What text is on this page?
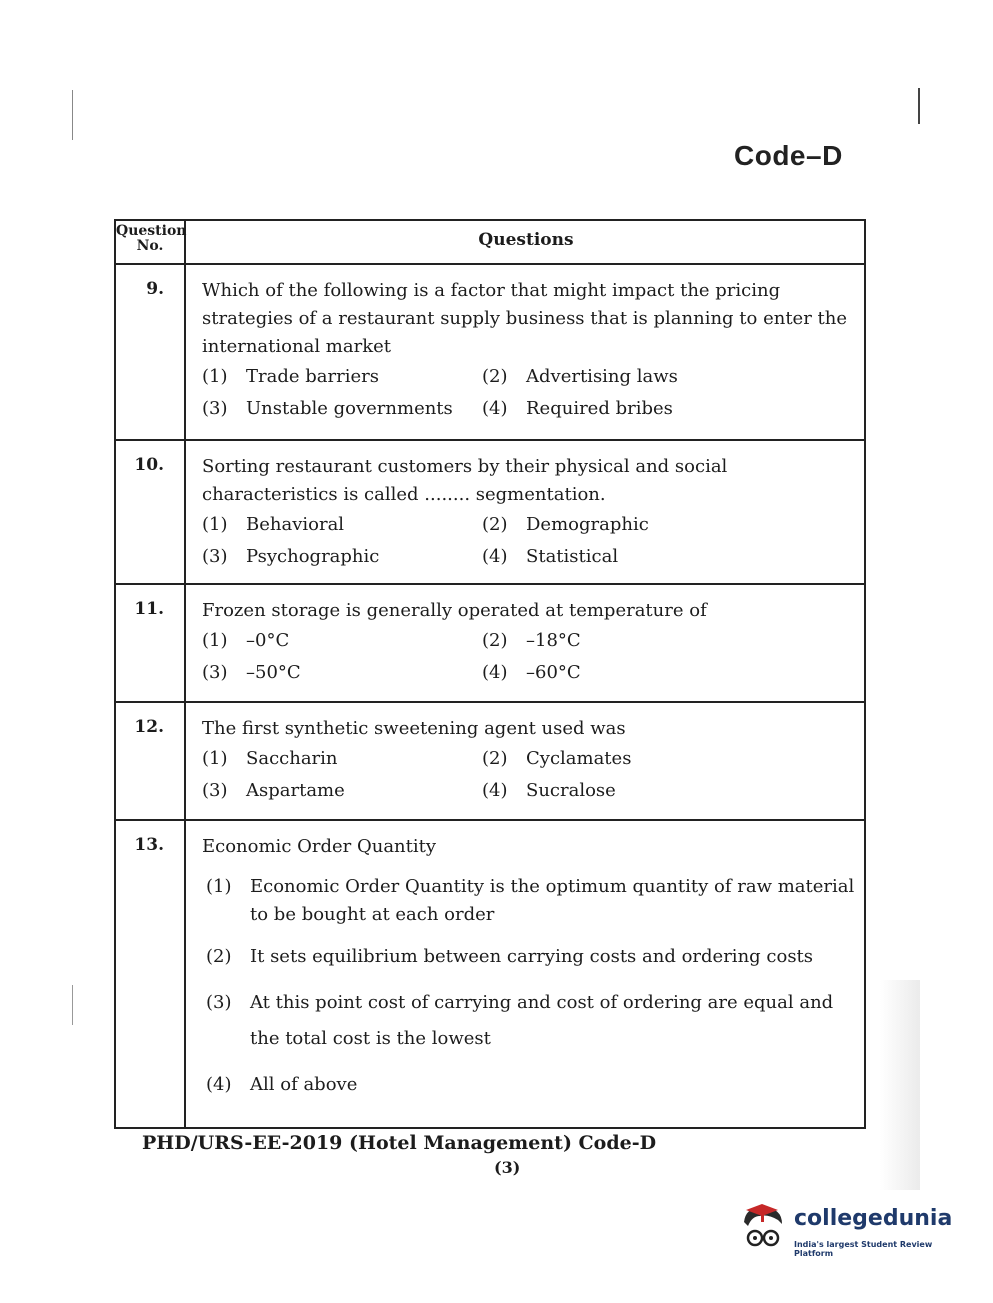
Code–D
Question No.	Questions
9.	Which of the following is a factor that might impact the pricing strategies of a restaurant supply business that is planning to enter the international market
(1) Trade barriers	(2) Advertising laws
(3) Unstable governments	(4) Required bribes
10.	Sorting restaurant customers by their physical and social characteristics is called ........ segmentation.
(1) Behavioral	(2) Demographic
(3) Psychographic	(4) Statistical
11.	Frozen storage is generally operated at temperature of
(1) –0°C	(2) –18°C
(3) –50°C	(4) –60°C
12.	The first synthetic sweetening agent used was
(1) Saccharin	(2) Cyclamates
(3) Aspartame	(4) Sucralose
13.	Economic Order Quantity
(1) Economic Order Quantity is the optimum quantity of raw material to be bought at each order
(2) It sets equilibrium between carrying costs and ordering costs
(3) At this point cost of carrying and cost of ordering are equal and the total cost is the lowest
(4) All of above
PHD/URS-EE-2019 (Hotel Management) Code-D
(3)
collegedunia
India's largest Student Review Platform
